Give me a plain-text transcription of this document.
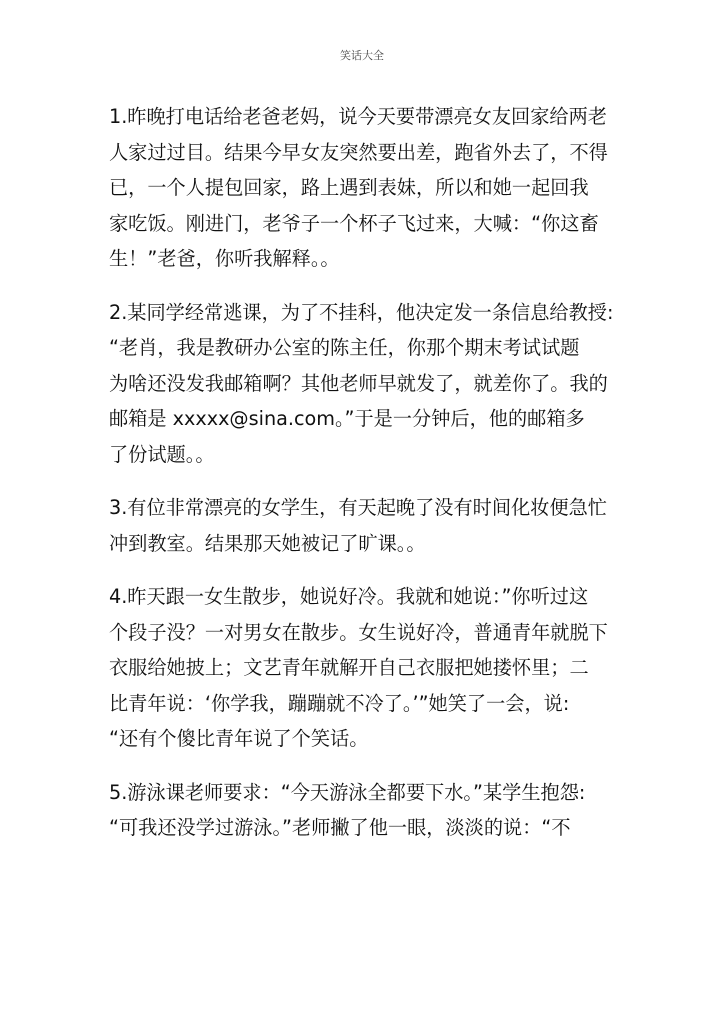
笑话大全
1.昨晚打电话给老爸老妈，说今天要带漂亮女友回家给两老
人家过过目。结果今早女友突然要出差，跑省外去了，不得
已，一个人提包回家，路上遇到表妹，所以和她一起回我
家吃饭。刚进门，老爷子一个杯子飞过来，大喊：“你这畜
生！”老爸，你听我解释。。
2.某同学经常逃课，为了不挂科，他决定发一条信息给教授:
“老肖，我是教研办公室的陈主任，你那个期末考试试题
为啥还没发我邮箱啊？其他老师早就发了，就差你了。我的
邮箱是 xxxxx@sina.com。”于是一分钟后，他的邮箱多
了份试题。。
3.有位非常漂亮的女学生，有天起晚了没有时间化妆便急忙
冲到教室。结果那天她被记了旷课。。
4.昨天跟一女生散步，她说好冷。我就和她说：”你听过这
个段子没？一对男女在散步。女生说好冷，普通青年就脱下
衣服给她披上；文艺青年就解开自己衣服把她搂怀里；二
比青年说：‘你学我，蹦蹦就不冷了。’”她笑了一会，说:
“还有个傻比青年说了个笑话。
5.游泳课老师要求：“今天游泳全都要下水。”某学生抱怨:
“可我还没学过游泳。”老师撇了他一眼，淡淡的说：“不
